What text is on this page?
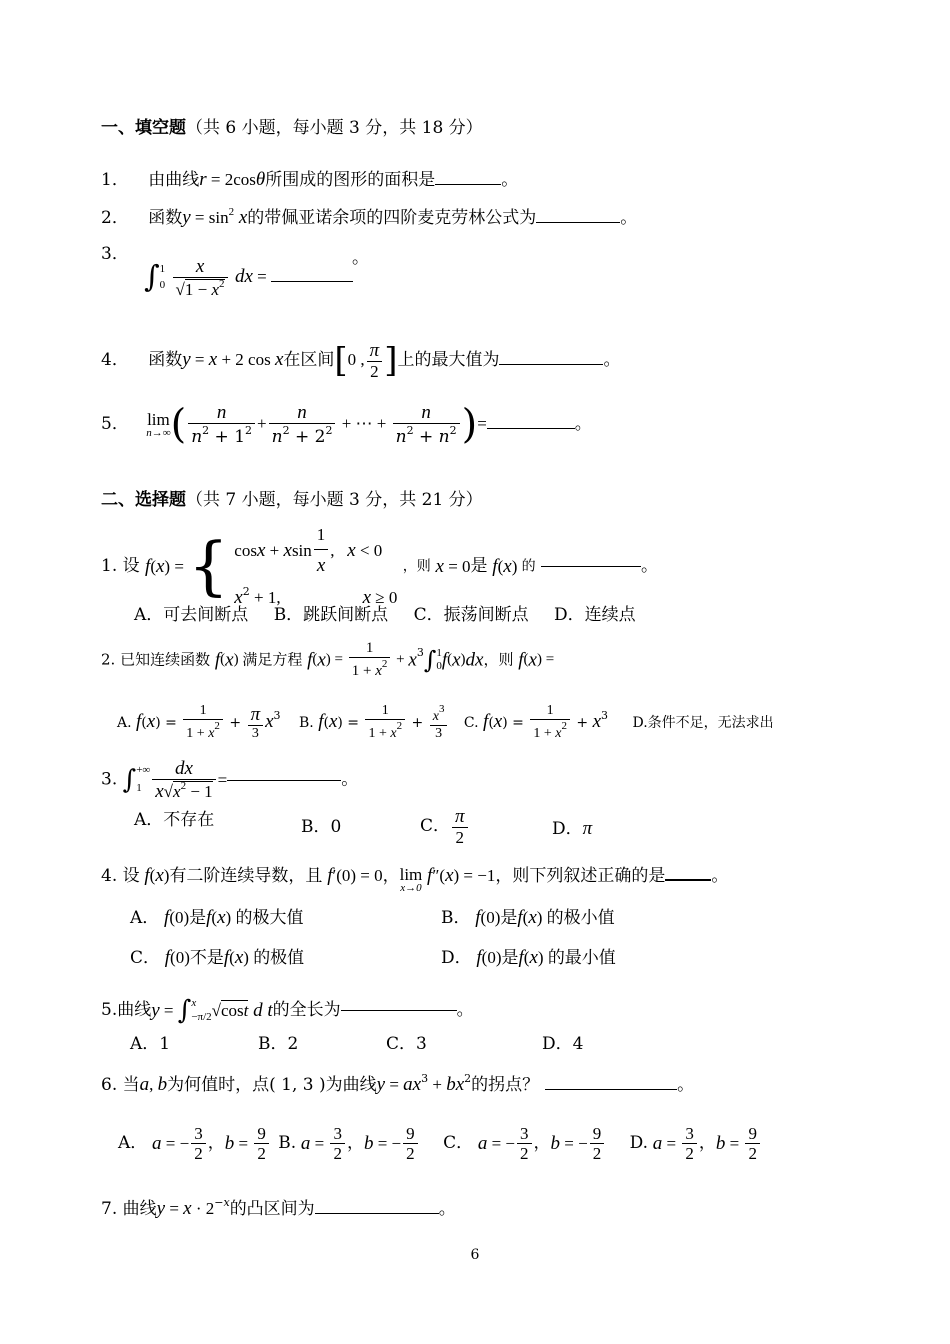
一、填空题（共 6 小题，每小题 3 分，共 18 分）
1． 由曲线r = 2cosθ所围成的图形的面积是	。
2． 函数$y = \sin^2 x$的带佩亚诺余项的四阶麦克劳林公式为	。
3．
∫ 1
0
$\frac{x}{√1 - x^2}$ dx =
。
4． 函数y = x + 2 cos x在区间[0 , $\frac{\pi}{2}$ ]上的最大值为	。
5． lim
n→∞ ( $\frac{n}{n^2 + 1^2} + \frac{n}{n^2 + 2^2}$ + ⋯ + $\frac{n}{n^2 + n^2}$ )=	。
二、选择题（共 7 小题，每小题 3 分，共 21 分）
1. 设 f(x) = { cosx + xsin $\frac{1}{x}$ ,   x < 0
$x^2 + 1$,	x ≥ 0
，则 x = 0是 f(x) 的	。
A．可去间断点 B．跳跃间断点 C．振荡间断点 D．连续点
2. 已知连续函数 f(x) 满足方程 $f(x) = \frac{1}{1 + x^2} + x^3\int$ 1
0 f(x)dx，则 f(x) =
A. $f(x) = \frac{1}{1 + x^2} + \frac{\pi}{3} x^3$ B. $f(x) = \frac{1}{1 + x^2} + \frac{x^3}{3} C$. $f(x) = \frac{1}{1 + x^2} + x^3$ D.条件不足，无法求出
3. ∫ +∞
$1 \frac{dx}{x√x^2 - 1}$ =	。
A．不存在	B．0	C． $\frac{\pi}{2}$	D．π
4. 设 f(x)有二阶连续导数，且 f′(0) = 0， lim
x→0
f″(x) = −1，则下列叙述正确的是	。
A． f(0)是f(x) 的极大值	B． f(0)是f(x) 的极小值
C． f(0)不是f(x) 的极值	D． f(0)是f(x) 的最小值
5.曲线y = ∫ x
−π/2 √cost d t的全长为	。
A．1	B．2	C．3	D．4
6. 当a, b为何值时，点( 1, 3 )为曲线$y = ax^3 + bx^2$的拐点？	。
A． a = − $\frac{3}{2}$ ，$b = \frac{9}{2} B$. $a = \frac{3}{2}$ ，b = − $\frac{9}{2}$ C． a = − $\frac{3}{2}$ ，b = − $\frac{9}{2} D$. $a = \frac{3}{2}$ ，$b = \frac{9}{2}$
7. 曲线$y = x \cdot 2^{-x}$的凸区间为	。
6
